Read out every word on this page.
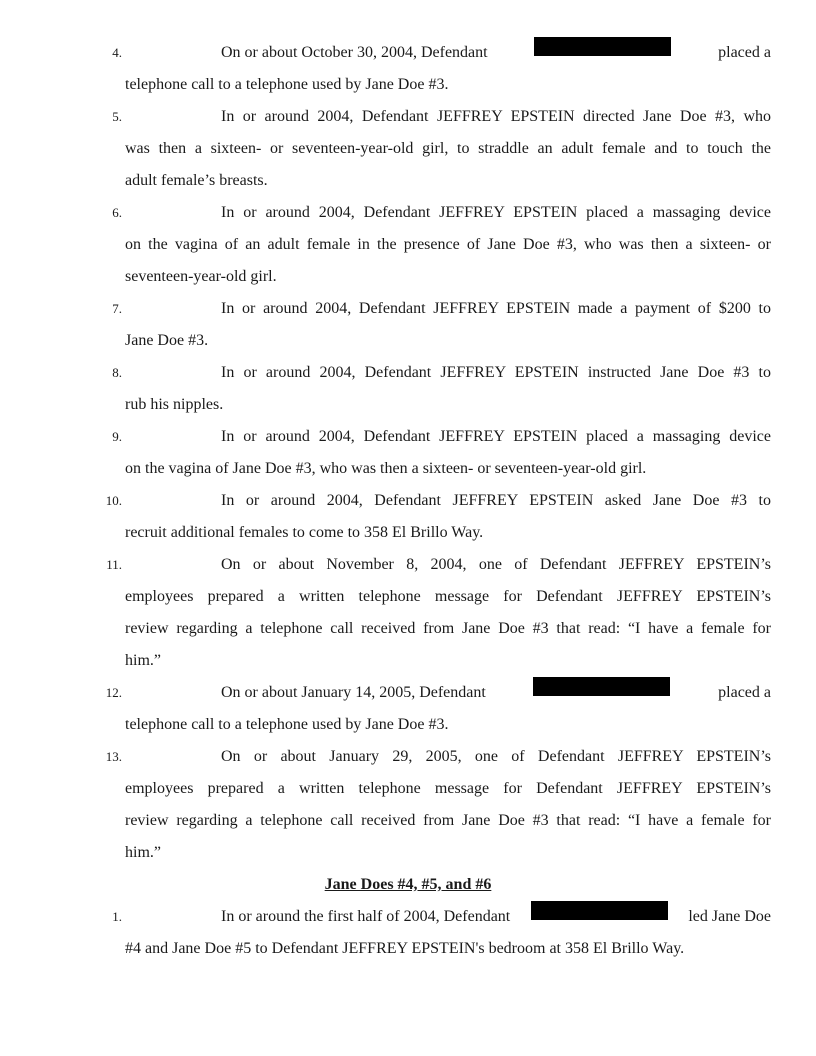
4.	On or about October 30, 2004, Defendant	placed a
telephone call to a telephone used by Jane Doe #3.
5.	In or around 2004, Defendant JEFFREY EPSTEIN directed Jane Doe #3, who
was then a sixteen- or seventeen-year-old girl, to straddle an adult female and to touch the
adult female’s breasts.
6.	In or around 2004, Defendant JEFFREY EPSTEIN placed a massaging device
on the vagina of an adult female in the presence of Jane Doe #3, who was then a sixteen- or
seventeen-year-old girl.
7.	In or around 2004, Defendant JEFFREY EPSTEIN made a payment of $200 to
Jane Doe #3.
8.	In or around 2004, Defendant JEFFREY EPSTEIN instructed Jane Doe #3 to
rub his nipples.
9.	In or around 2004, Defendant JEFFREY EPSTEIN placed a massaging device
on the vagina of Jane Doe #3, who was then a sixteen- or seventeen-year-old girl.
10.	In or around 2004, Defendant JEFFREY EPSTEIN asked Jane Doe #3 to
recruit additional females to come to 358 El Brillo Way.
11.	On or about November 8, 2004, one of Defendant JEFFREY EPSTEIN’s
employees prepared a written telephone message for Defendant JEFFREY EPSTEIN’s
review regarding a telephone call received from Jane Doe #3 that read: “I have a female for
him.”
12.	On or about January 14, 2005, Defendant	placed a
telephone call to a telephone used by Jane Doe #3.
13.	On or about January 29, 2005, one of Defendant JEFFREY EPSTEIN’s
employees prepared a written telephone message for Defendant JEFFREY EPSTEIN’s
review regarding a telephone call received from Jane Doe #3 that read: “I have a female for
him.”
Jane Does #4, #5, and #6
1.	In or around the first half of 2004, Defendant	led Jane Doe
#4 and Jane Doe #5 to Defendant JEFFREY EPSTEIN's bedroom at 358 El Brillo Way.
